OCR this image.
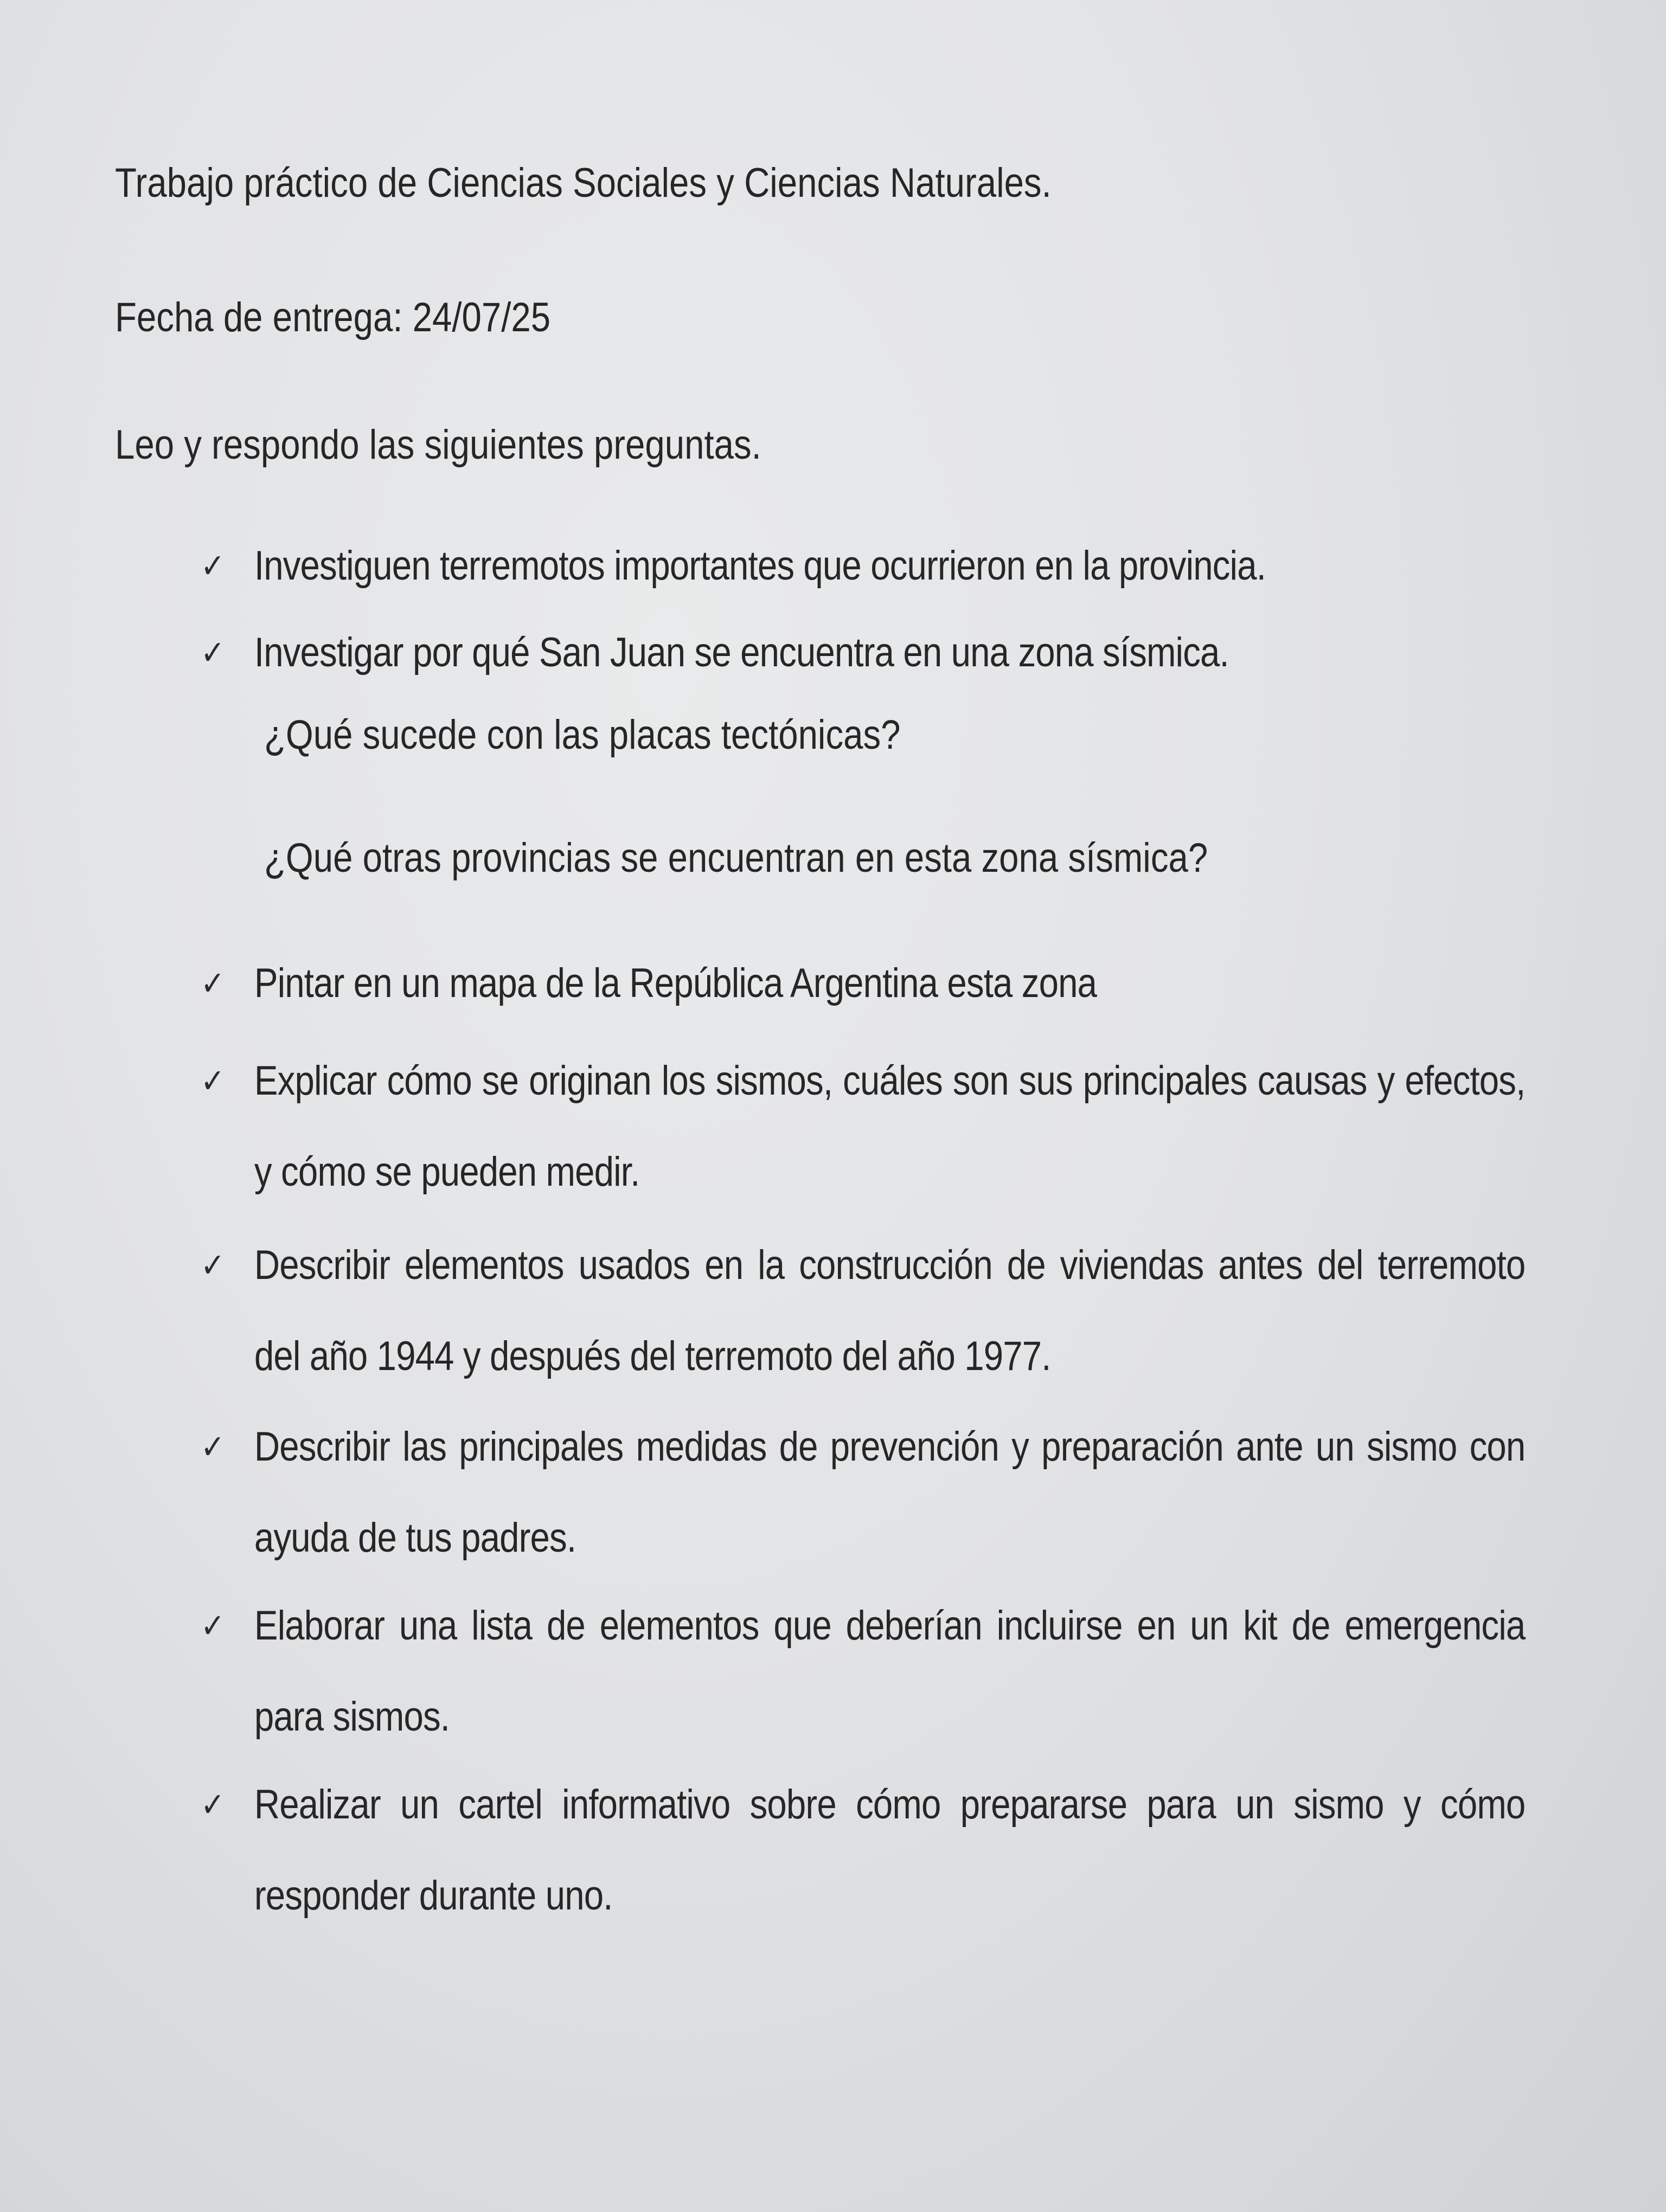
Trabajo práctico de Ciencias Sociales y Ciencias Naturales.
Fecha de entrega: 24/07/25
Leo y respondo las siguientes preguntas.
✓ Investiguen terremotos importantes que ocurrieron en la provincia.
✓ Investigar por qué San Juan se encuentra en una zona sísmica.
¿Qué sucede con las placas tectónicas?
¿Qué otras provincias se encuentran en esta zona sísmica?
✓ Pintar en un mapa de la República Argentina esta zona
✓ Explicar cómo se originan los sismos, cuáles son sus principales causas y efectos, y cómo se pueden medir.
✓ Describir elementos usados en la construcción de viviendas antes del terremoto del año 1944 y después del terremoto del año 1977.
✓ Describir las principales medidas de prevención y preparación ante un sismo con ayuda de tus padres.
✓ Elaborar una lista de elementos que deberían incluirse en un kit de emergencia para sismos.
✓ Realizar un cartel informativo sobre cómo prepararse para un sismo y cómo responder durante uno.
